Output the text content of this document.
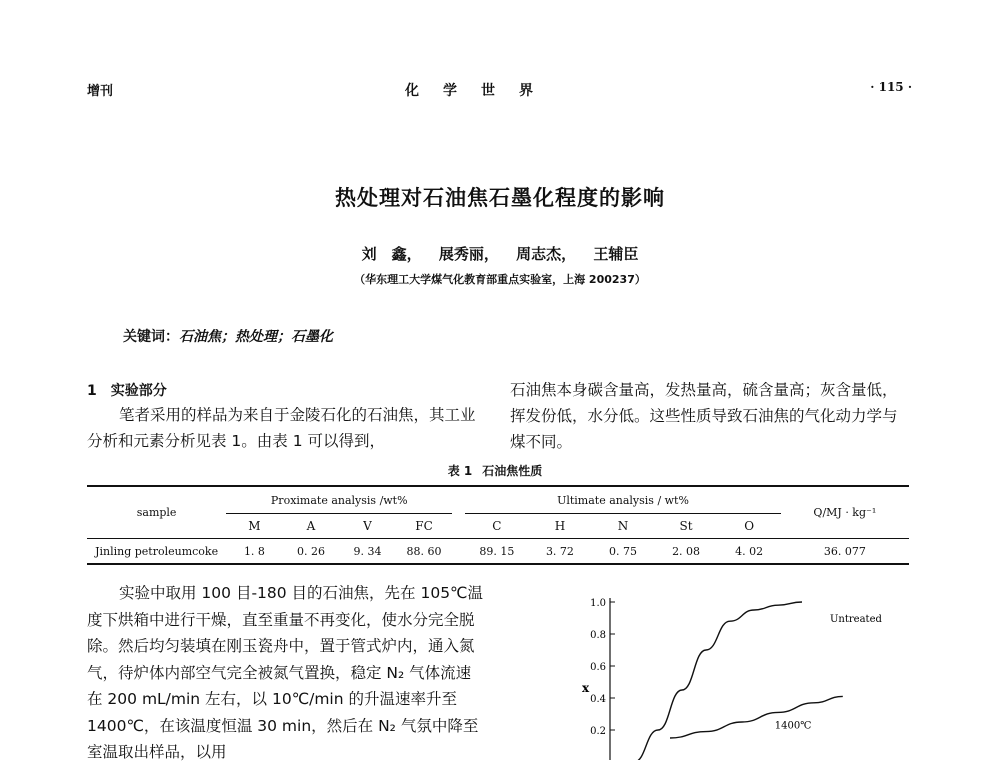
增刊	化学世界	· 115 ·
热处理对石油焦石墨化程度的影响
刘　鑫， 展秀丽， 周志杰， 王辅臣
（华东理工大学煤气化教育部重点实验室，上海 200237）
关键词：石油焦；热处理；石墨化
1　实验部分
笔者采用的样品为来自于金陵石化的石油焦，其工业分析和元素分析见表 1。由表 1 可以得到，
石油焦本身碳含量高，发热量高，硫含量高；灰含量低，挥发份低，水分低。这些性质导致石油焦的气化动力学与煤不同。
表 1 石油焦性质
sample	Proximate analysis /wt%					Ultimate analysis / wt%					Q/MJ · kg⁻¹
	M	A	V	FC		C	H	N	St	O	
Jinling petroleumcoke	1. 8	0. 26	9. 34	88. 60		89. 15	3. 72	0. 75	2. 08	4. 02	36. 077
实验中取用 100 目-180 目的石油焦，先在 105℃温度下烘箱中进行干燥，直至重量不再变化，使水分完全脱除。然后均匀装填在刚玉瓷舟中，置于管式炉内，通入氮气，待炉体内部空气完全被氮气置换，稳定 N₂ 气体流速在 200 mL/min 左右，以 10℃/min 的升温速率升至 1400℃，在该温度恒温 30 min，然后在 N₂ 气氛中降至室温取出样品，以用
1.0
0.8
0.6
0.4
0.2
x
Untreated
1400℃
